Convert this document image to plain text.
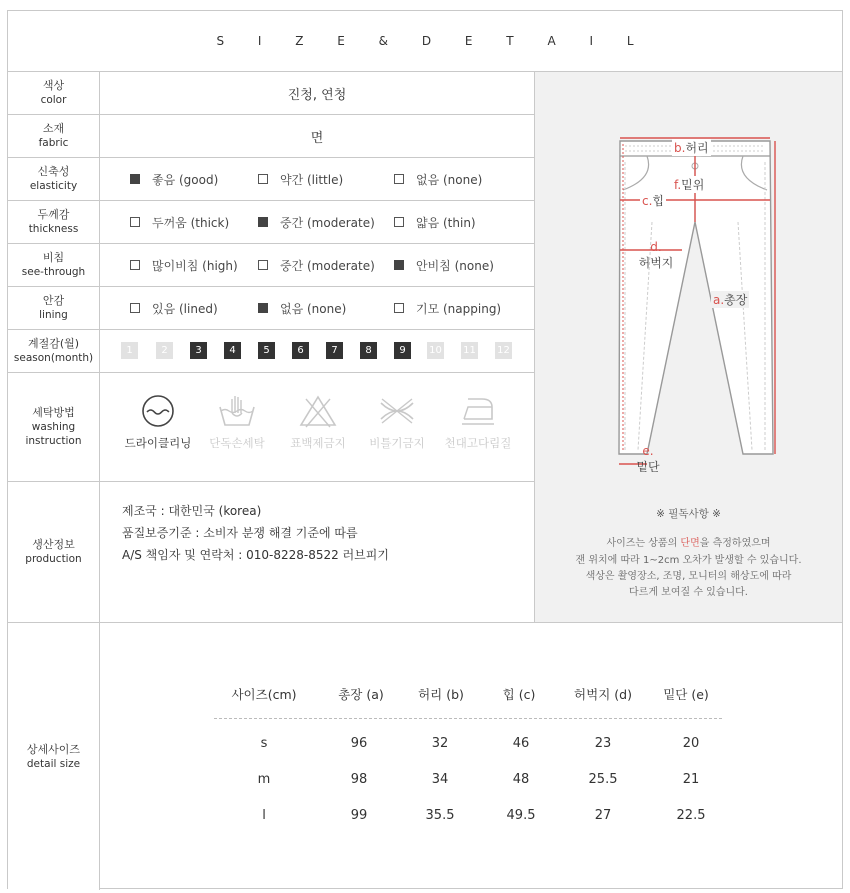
S I Z E & D E T A I L
색상
color	진청, 연청
소재
fabric	면
신축성
elasticity	좋음 (good)	약간 (little)	없음 (none)
두께감
thickness	두꺼움 (thick)	중간 (moderate)	얇음 (thin)
비침
see-through	많이비침 (high)	중간 (moderate)	안비침 (none)
안감
lining	있음 (lined)	없음 (none)	기모 (napping)
계절감(월)
season(month)
1	2	3	4	5	6	7	8	9	10 11 12
세탁방법
washing
instruction	드라이클리닝	단독손세탁	표백제금지	비틀기금지	천대고다림질
생산정보
production
제조국 : 대한민국 (korea)
품질보증기준 : 소비자 분쟁 해결 기준에 따름
A/S 책임자 및 연락처 : 010-8228-8522 러브피기
b.허리
f.밑위
c.힙
d.
허벅지
a.총장
e.
밑단
※ 필독사항 ※
사이즈는 상품의 단면을 측정하였으며
잰 위치에 따라 1~2cm 오차가 발생할 수 있습니다.
색상은 촬영장소, 조명, 모니터의 해상도에 따라
다르게 보여질 수 있습니다.
상세사이즈
detail size
사이즈(cm)	총장 (a)	허리 (b)	힙 (c)	허벅지 (d)	밑단 (e)
s	96	32	46	23	20
m	98	34	48	25.5	21
l	99	35.5	49.5	27	22.5
